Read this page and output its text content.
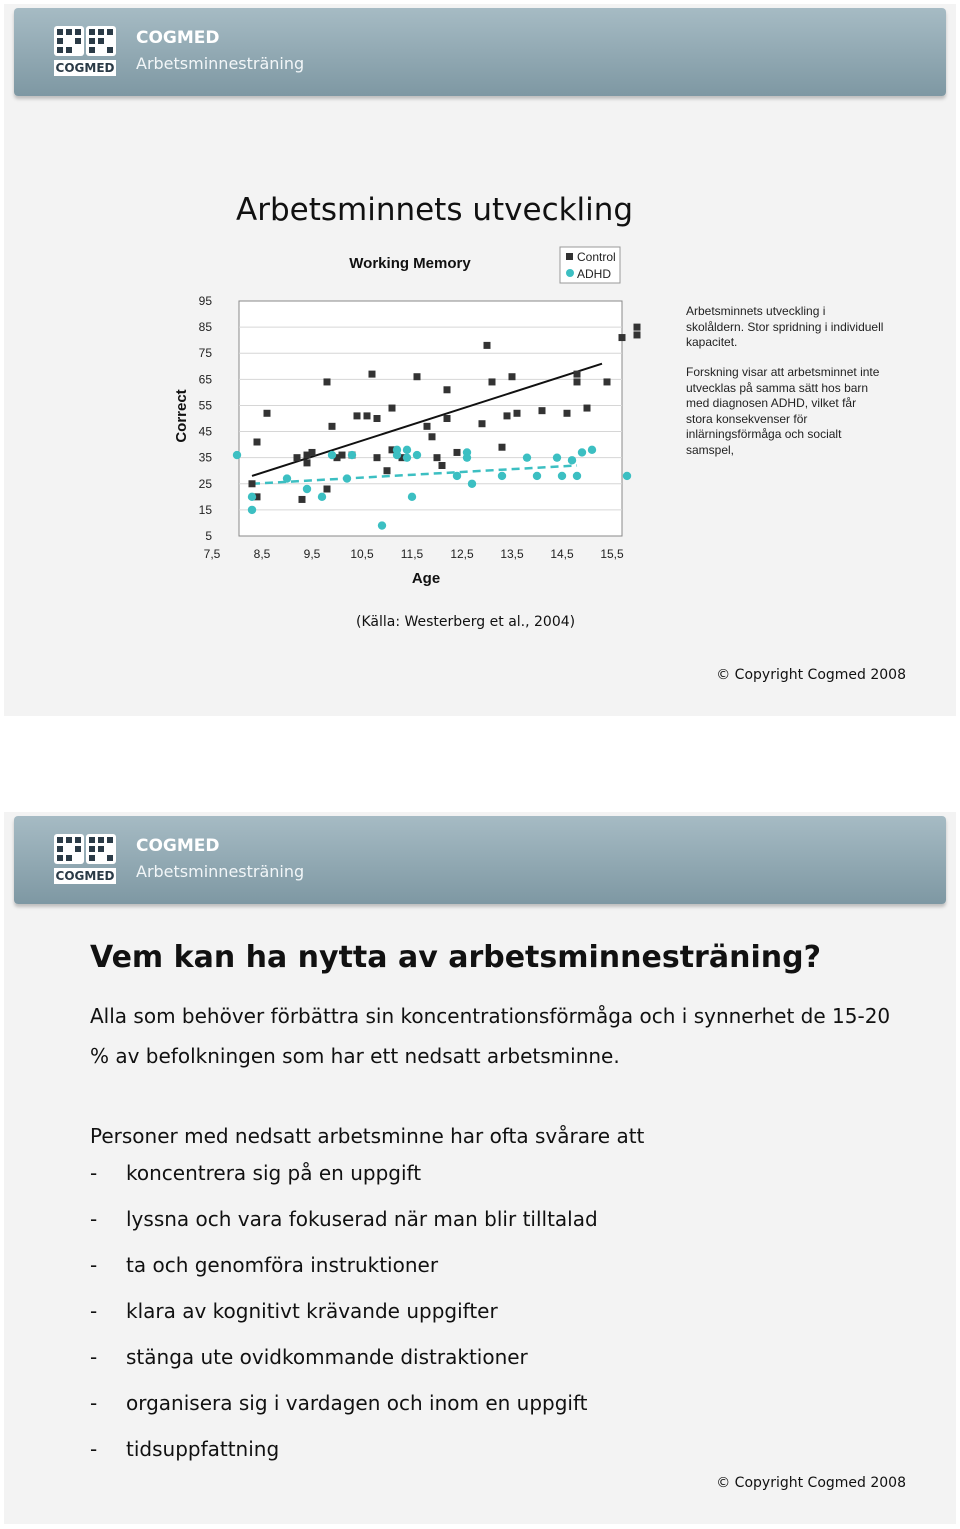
COGMED
COGMED
Arbetsminnesträning
Arbetsminnets utveckling
Working Memory	Control
ADHD
95
85
75
65
55
45
35
25
15
5
7,5	8,5	9,5 10,5 11,5 12,5 13,5 14,5 15,5
Correct
Age

Arbetsminnets utveckling i skolåldern. Stor spridning i individuell kapacitet.

Forskning visar att arbetsminnet inte utvecklas på samma sätt hos barn med diagnosen ADHD, vilket får stora konsekvenser för inlärningsförmåga och socialt samspel,

(Källa: Westerberg et al., 2004)
© Copyright Cogmed 2008
COGMED
COGMED
Arbetsminnesträning
Vem kan ha nytta av arbetsminnesträning?

Alla som behöver förbättra sin koncentrationsförmåga och i synnerhet de 15-20 % av befolkningen som har ett nedsatt arbetsminne.

Personer med nedsatt arbetsminne har ofta svårare att

- koncentrera sig på en uppgift
- lyssna och vara fokuserad när man blir tilltalad
- ta och genomföra instruktioner
- klara av kognitivt krävande uppgifter
- stänga ute ovidkommande distraktioner
- organisera sig i vardagen och inom en uppgift
- tidsuppfattning
© Copyright Cogmed 2008
